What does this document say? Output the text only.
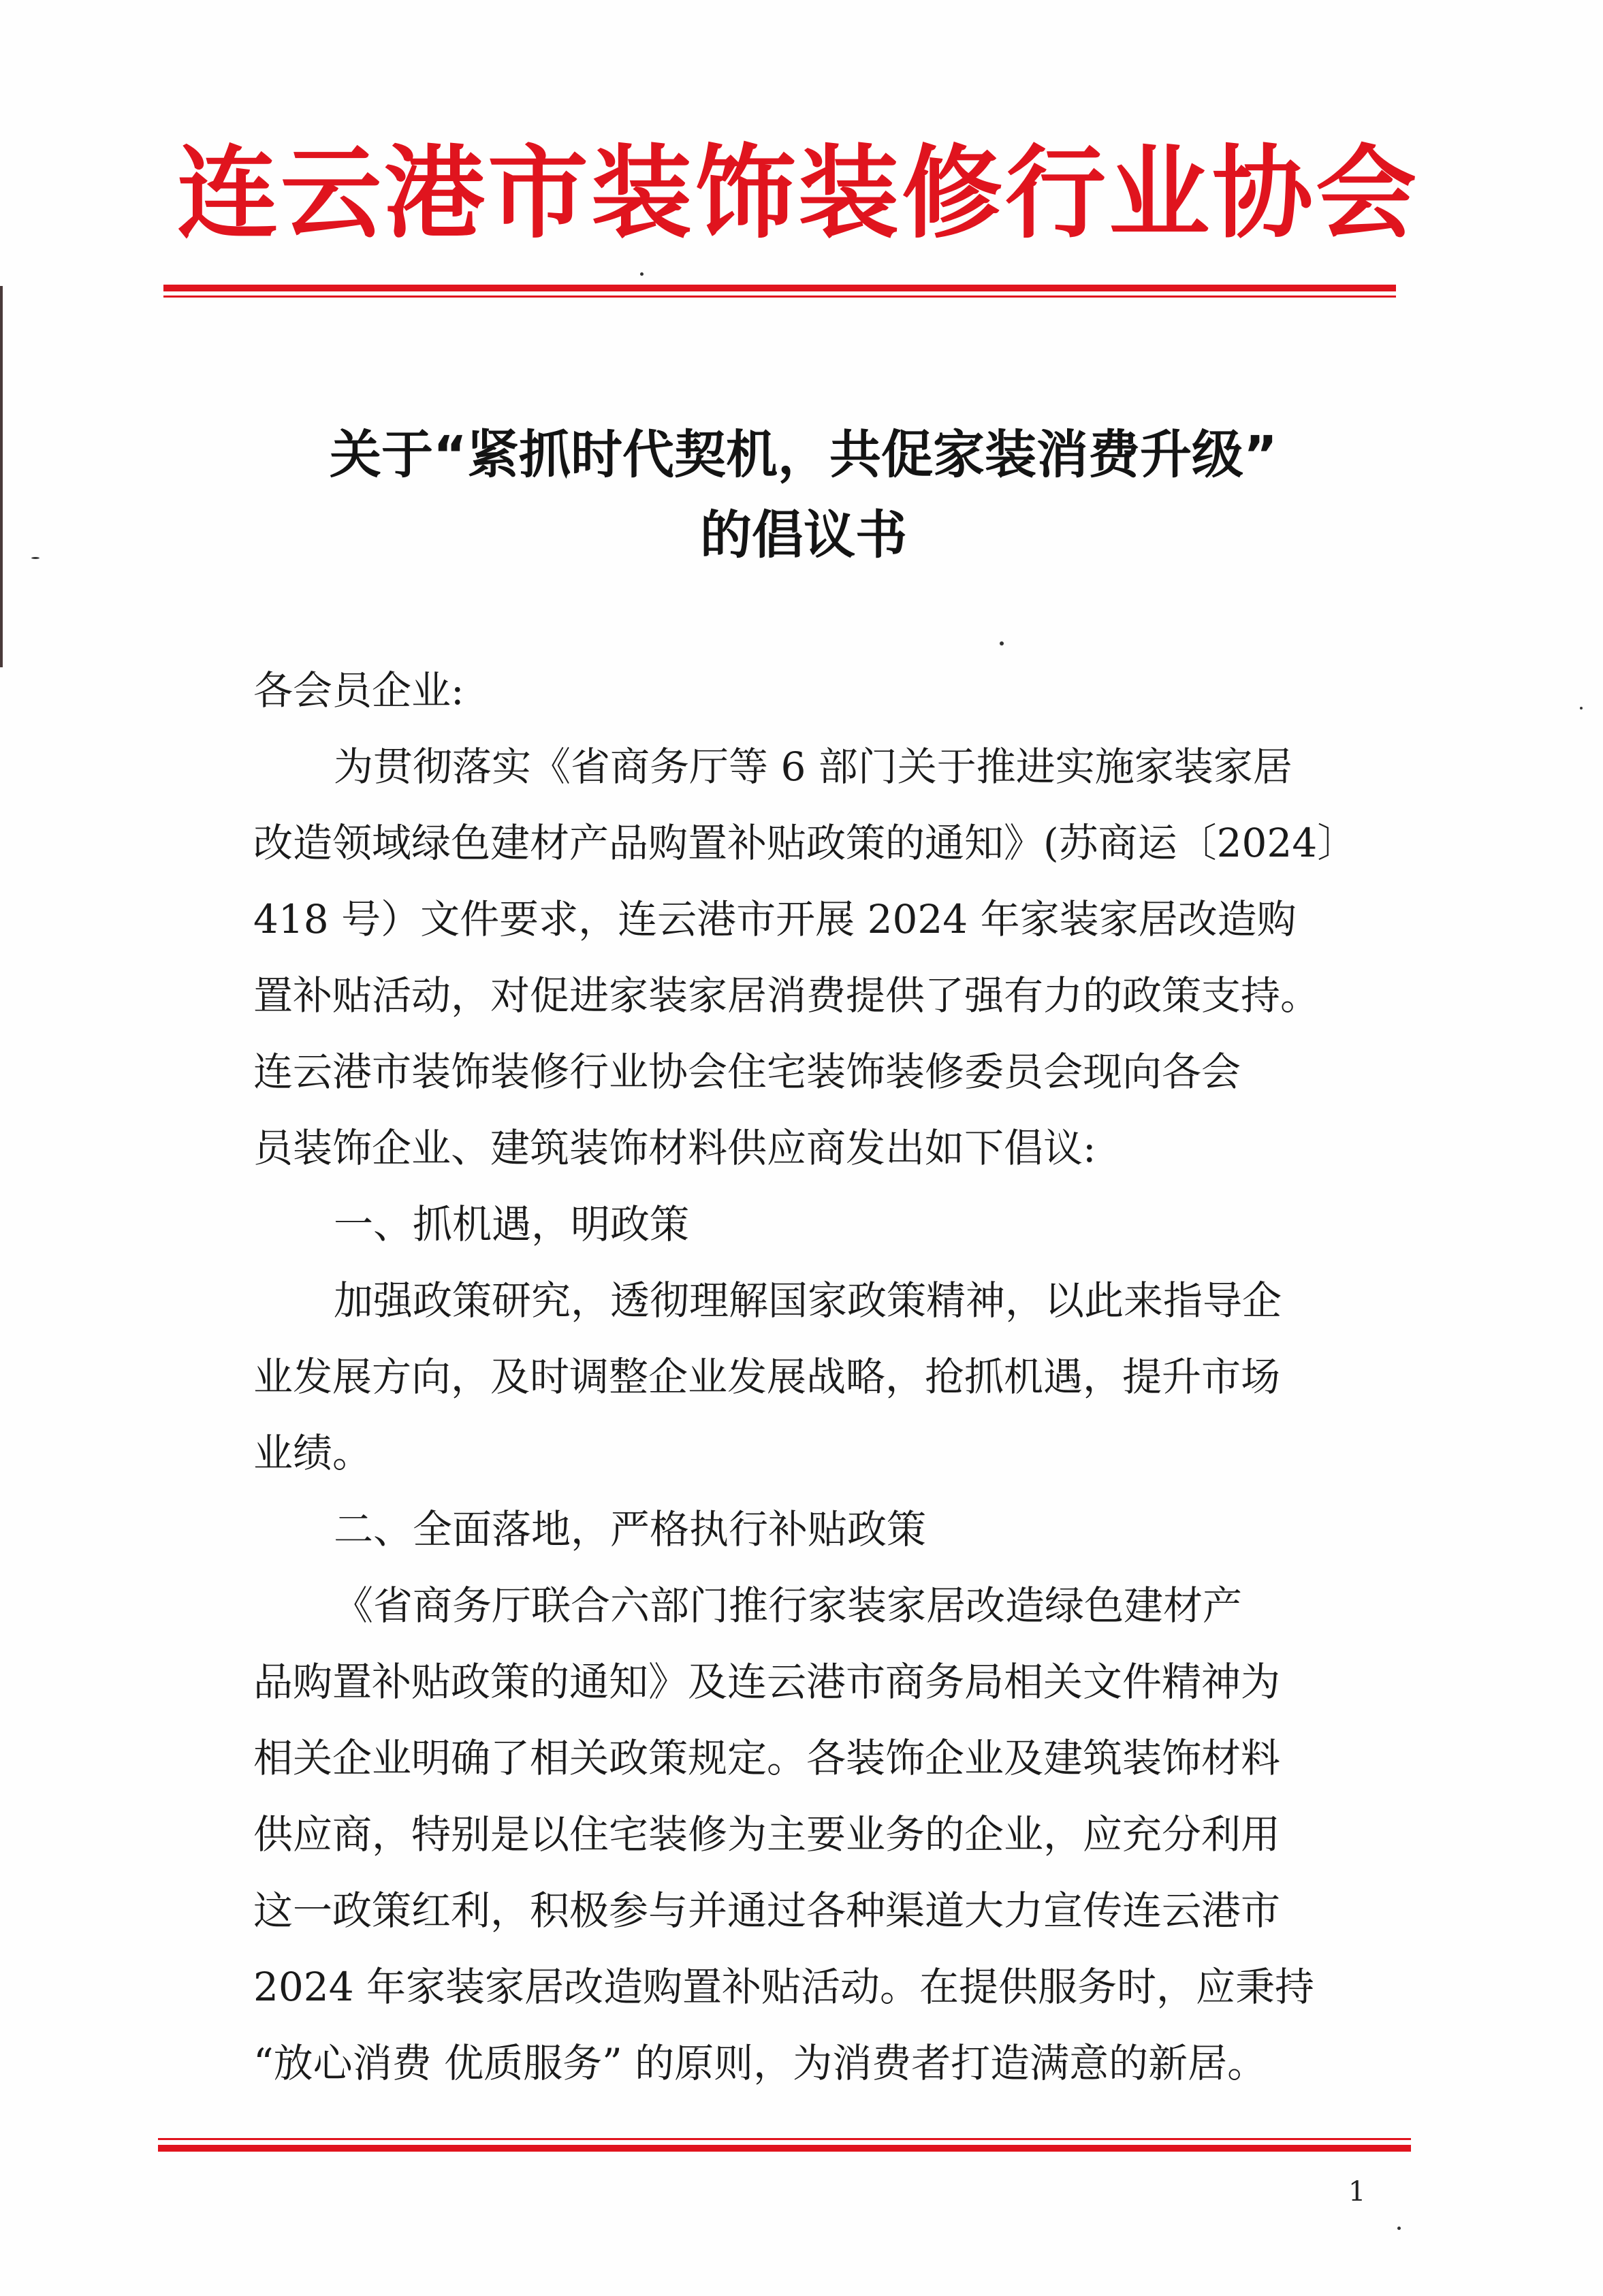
连云港市装饰装修行业协会
关于“紧抓时代契机，共促家装消费升级”
的倡议书
各会员企业:
为贯彻落实《省商务厅等 6 部门关于推进实施家装家居
改造领域绿色建材产品购置补贴政策的通知》(苏商运〔2024〕
418 号）文件要求，连云港市开展 2024 年家装家居改造购
置补贴活动，对促进家装家居消费提供了强有力的政策支持。
连云港市装饰装修行业协会住宅装饰装修委员会现向各会
员装饰企业、建筑装饰材料供应商发出如下倡议:
一、抓机遇，明政策
加强政策研究，透彻理解国家政策精神，以此来指导企
业发展方向，及时调整企业发展战略，抢抓机遇，提升市场
业绩。
二、全面落地，严格执行补贴政策
《省商务厅联合六部门推行家装家居改造绿色建材产
品购置补贴政策的通知》及连云港市商务局相关文件精神为
相关企业明确了相关政策规定。各装饰企业及建筑装饰材料
供应商，特别是以住宅装修为主要业务的企业，应充分利用
这一政策红利，积极参与并通过各种渠道大力宣传连云港市
2024 年家装家居改造购置补贴活动。在提供服务时，应秉持
“放心消费 优质服务” 的原则，为消费者打造满意的新居。
1
